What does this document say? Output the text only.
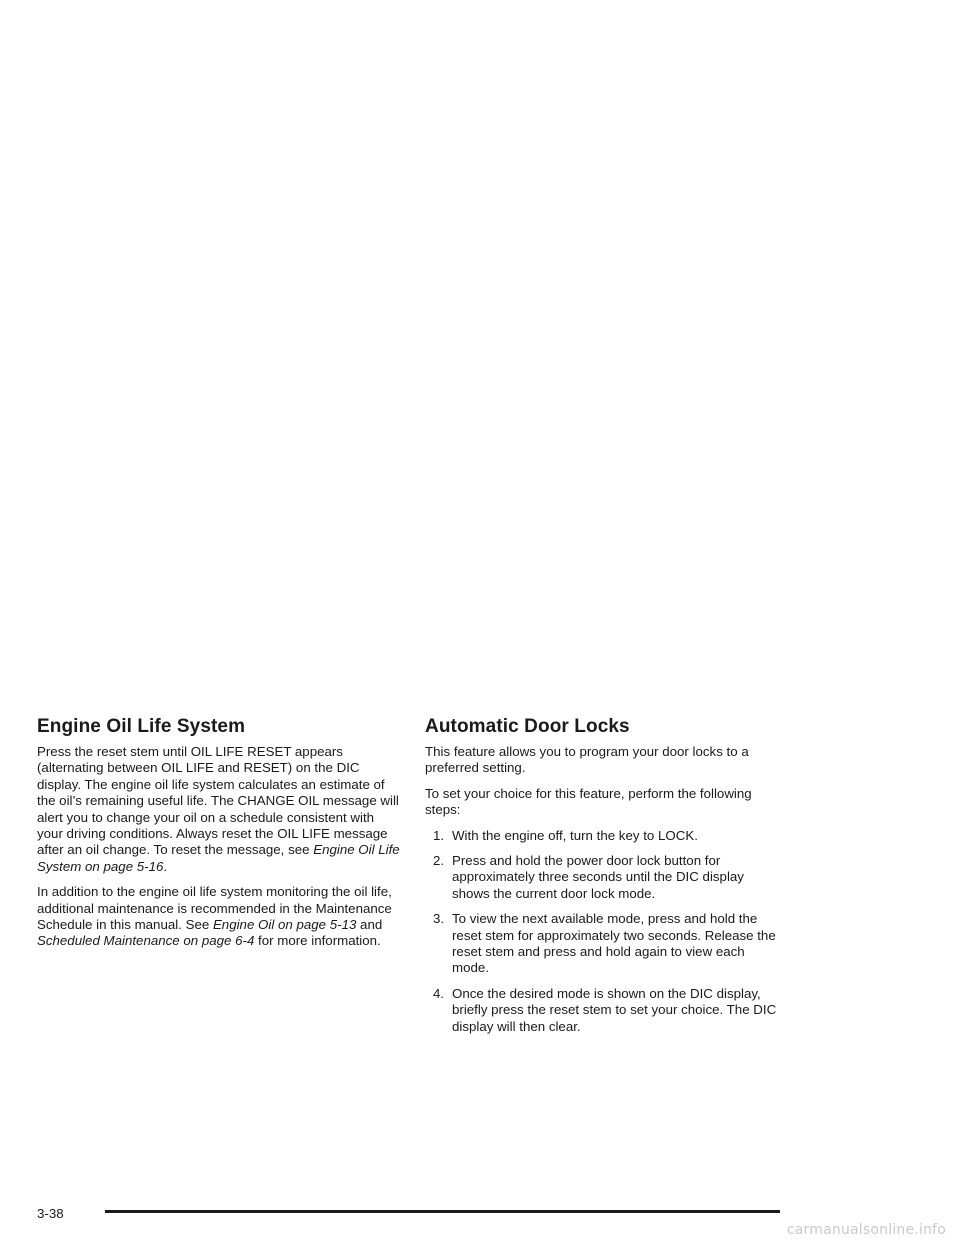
Engine Oil Life System

Press the reset stem until OIL LIFE RESET appears (alternating between OIL LIFE and RESET) on the DIC display. The engine oil life system calculates an estimate of the oil’s remaining useful life. The CHANGE OIL message will alert you to change your oil on a schedule consistent with your driving conditions. Always reset the OIL LIFE message after an oil change. To reset the message, see Engine Oil Life System on page 5-16.

In addition to the engine oil life system monitoring the oil life, additional maintenance is recommended in the Maintenance Schedule in this manual. See Engine Oil on page 5-13 and Scheduled Maintenance on page 6-4 for more information.

Automatic Door Locks

This feature allows you to program your door locks to a preferred setting.

To set your choice for this feature, perform the following steps:

1. With the engine off, turn the key to LOCK.
2. Press and hold the power door lock button for approximately three seconds until the DIC display shows the current door lock mode.
3. To view the next available mode, press and hold the reset stem for approximately two seconds. Release the reset stem and press and hold again to view each mode.
4. Once the desired mode is shown on the DIC display, briefly press the reset stem to set your choice. The DIC display will then clear.
3-38
carmanualsonline.info
